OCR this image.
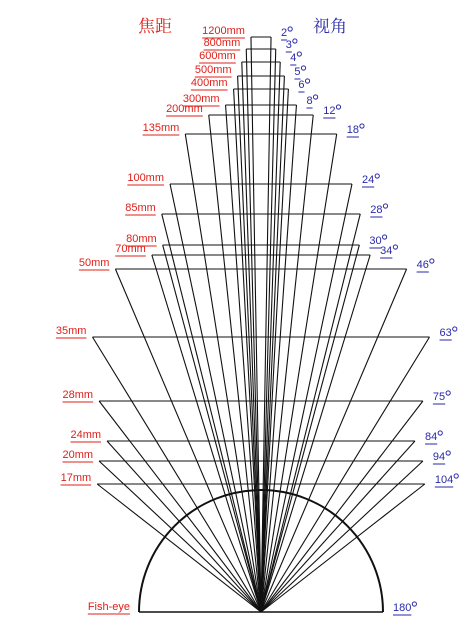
焦距	视角
1200mm	2
800mm	3
600mm	4
500mm	5
400mm	6
300mm	8
200mm	12
135mm	18
100mm	24
85mm	28
80mm	30
70mm	34
50mm	46
35mm	63
28mm	75
24mm	84
20mm	94
17mm	104
Fish-eye	180
